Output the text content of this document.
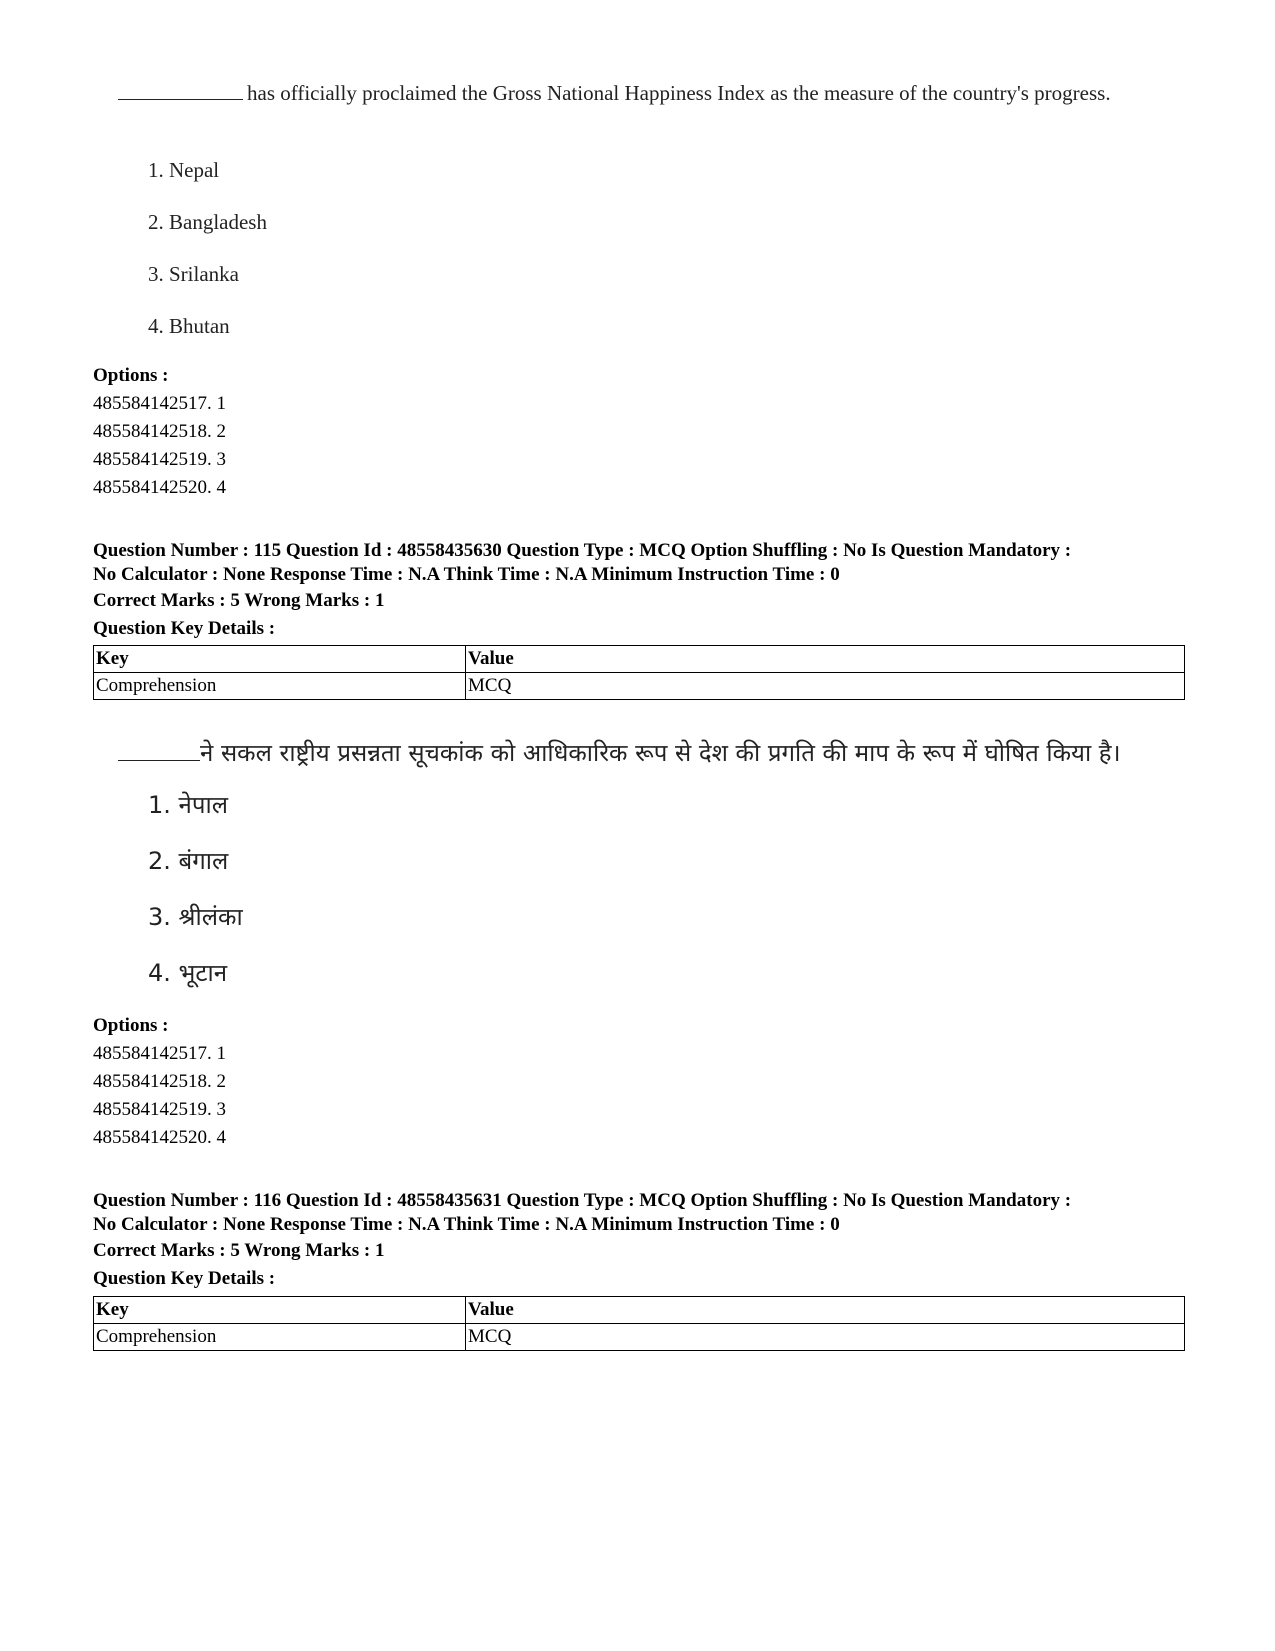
has officially proclaimed the Gross National Happiness Index as the measure of the country's progress.
1. Nepal
2. Bangladesh
3. Srilanka
4. Bhutan
Options :
485584142517. 1
485584142518. 2
485584142519. 3
485584142520. 4
Question Number : 115 Question Id : 48558435630 Question Type : MCQ Option Shuffling : No Is Question Mandatory :
No Calculator : None Response Time : N.A Think Time : N.A Minimum Instruction Time : 0
Correct Marks : 5 Wrong Marks : 1
Question Key Details :
Key	Value
Comprehension	MCQ
ने सकल राष्ट्रीय प्रसन्नता सूचकांक को आधिकारिक रूप से देश की प्रगति की माप के रूप में घोषित किया है।
1. नेपाल
2. बंगाल
3. श्रीलंका
4. भूटान
Options :
485584142517. 1
485584142518. 2
485584142519. 3
485584142520. 4
Question Number : 116 Question Id : 48558435631 Question Type : MCQ Option Shuffling : No Is Question Mandatory :
No Calculator : None Response Time : N.A Think Time : N.A Minimum Instruction Time : 0
Correct Marks : 5 Wrong Marks : 1
Question Key Details :
Key	Value
Comprehension	MCQ
